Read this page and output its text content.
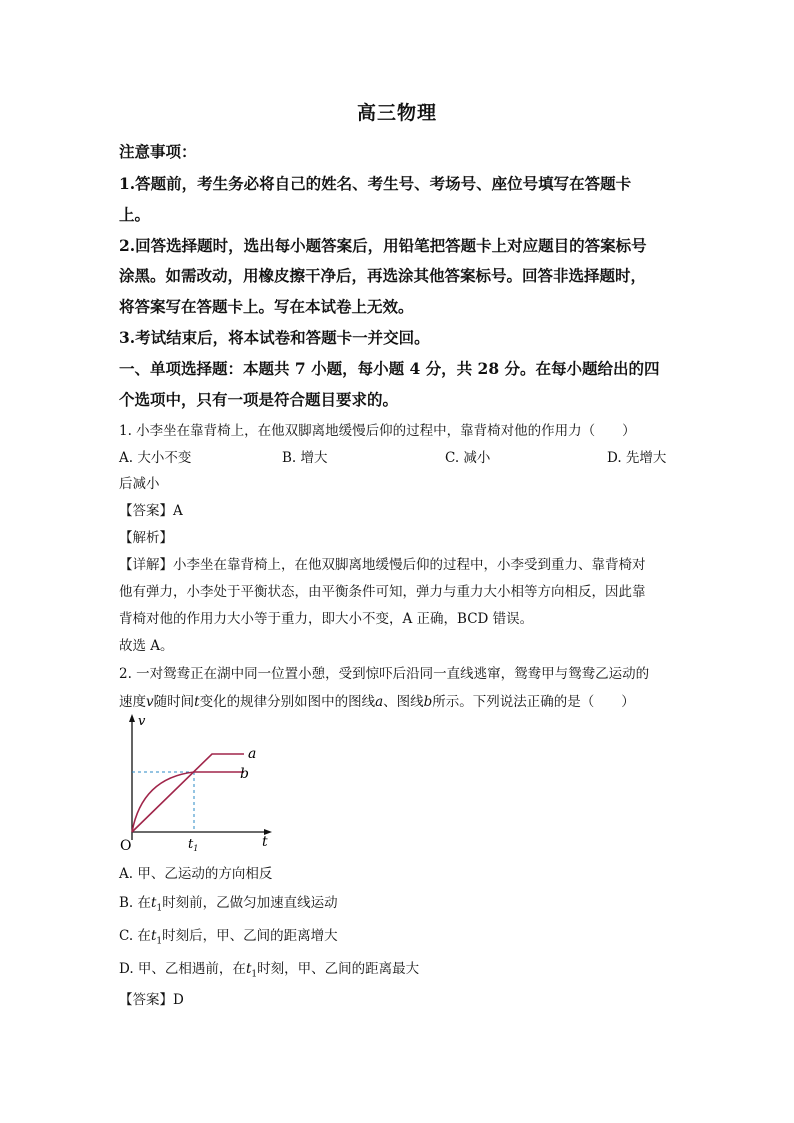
高三物理
注意事项：
1.答题前，考生务必将自己的姓名、考生号、考场号、座位号填写在答题卡
上。
2.回答选择题时，选出每小题答案后，用铅笔把答题卡上对应题目的答案标号
涂黑。如需改动，用橡皮擦干净后，再选涂其他答案标号。回答非选择题时，
将答案写在答题卡上。写在本试卷上无效。
3.考试结束后，将本试卷和答题卡一并交回。
一、单项选择题：本题共 7 小题，每小题 4 分，共 28 分。在每小题给出的四
个选项中，只有一项是符合题目要求的。
1. 小李坐在靠背椅上，在他双脚离地缓慢后仰的过程中，靠背椅对他的作用力（　　）
A. 大小不变	B. 增大	C. 减小	D. 先增大
后减小
【答案】A
【解析】
【详解】小李坐在靠背椅上，在他双脚离地缓慢后仰的过程中，小李受到重力、靠背椅对
他有弹力，小李处于平衡状态，由平衡条件可知，弹力与重力大小相等方向相反，因此靠
背椅对他的作用力大小等于重力，即大小不变，A 正确，BCD 错误。
故选 A。
2. 一对鸳鸯正在湖中同一位置小憩，受到惊吓后沿同一直线逃窜，鸳鸯甲与鸳鸯乙运动的
速度v随时间t变化的规律分别如图中的图线a、图线b所示。下列说法正确的是（　　）
v
t
O
a
b
$t_1$
A. 甲、乙运动的方向相反
B. 在$t_1$时刻前，乙做匀加速直线运动
C. 在$t_1$时刻后，甲、乙间的距离增大
D. 甲、乙相遇前，在$t_1$时刻，甲、乙间的距离最大
【答案】D
